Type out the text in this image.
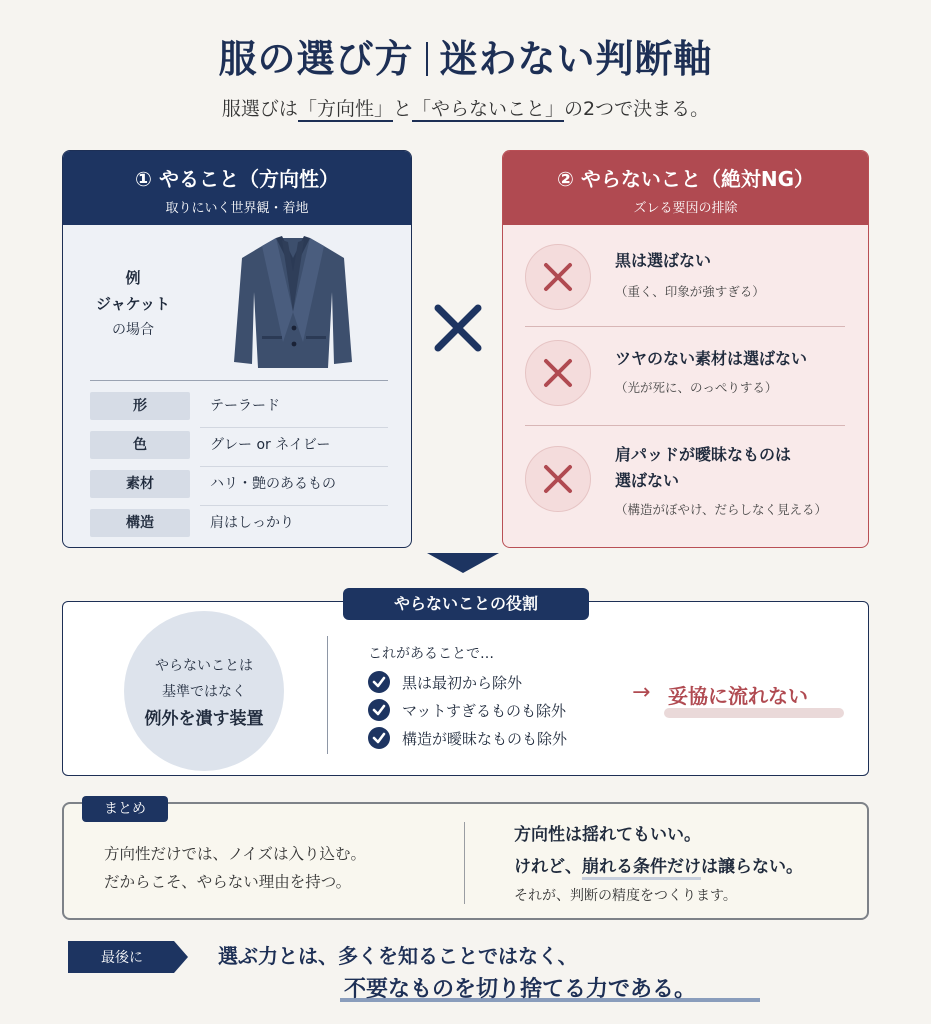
服の選び方 迷わない判断軸
服選びは「方向性」と「やらないこと」の2つで決まる。
① やること（方向性）
取りにいく世界観・着地
例
ジャケット
の場合
形	テーラード
色	グレー or ネイビー
素材	ハリ・艶のあるもの
構造	肩はしっかり
② やらないこと（絶対NG）
ズレる要因の排除
黒は選ばない
（重く、印象が強すぎる）
ツヤのない素材は選ばない
（光が死に、のっぺりする）
肩パッドが曖昧なものは
選ばない
（構造がぼやけ、だらしなく見える）
やらないことの役割
やらないことは
基準ではなく
例外を潰す装置
これがあることで…
黒は最初から除外
マットすぎるものも除外
構造が曖昧なものも除外
→ 妥協に流れない
まとめ
方向性だけでは、ノイズは入り込む。
だからこそ、やらない理由を持つ。
方向性は揺れてもいい。
けれど、崩れる条件だけは譲らない。
それが、判断の精度をつくります。
最後に	選ぶ力とは、多くを知ることではなく、
不要なものを切り捨てる力である。
